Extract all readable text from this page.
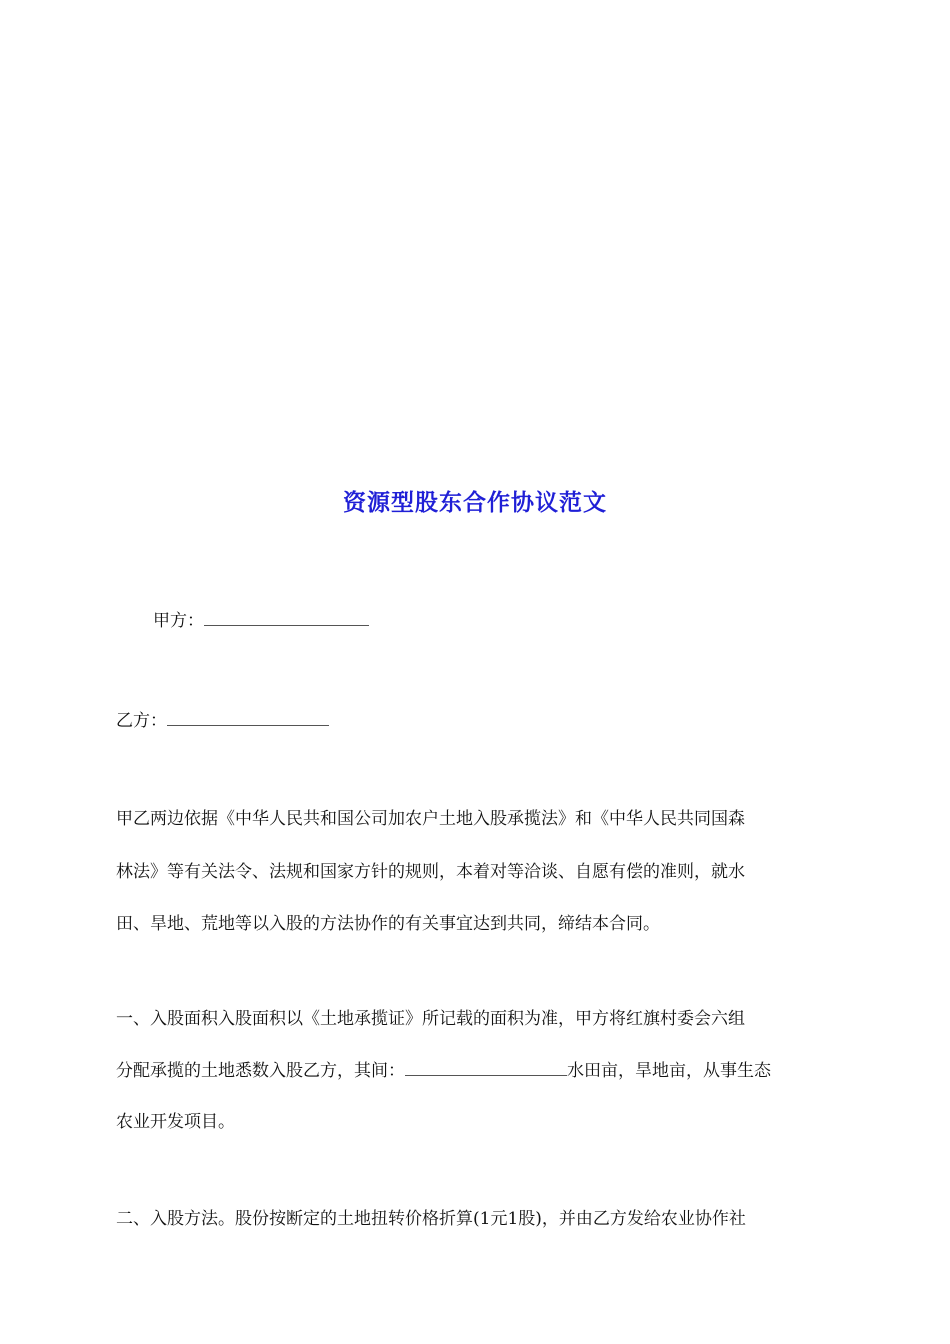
资源型股东合作协议范文
甲方：
乙方：
甲乙两边依据《中华人民共和国公司加农户土地入股承揽法》和《中华人民共同国森
林法》等有关法令、法规和国家方针的规则，本着对等洽谈、自愿有偿的准则，就水
田、旱地、荒地等以入股的方法协作的有关事宜达到共同，缔结本合同。
一、入股面积入股面积以《土地承揽证》所记载的面积为准，甲方将红旗村委会六组
分配承揽的土地悉数入股乙方，其间：	水田亩，旱地亩，从事生态
农业开发项目。
二、入股方法。股份按断定的土地扭转价格折算(1元1股)，并由乙方发给农业协作社
